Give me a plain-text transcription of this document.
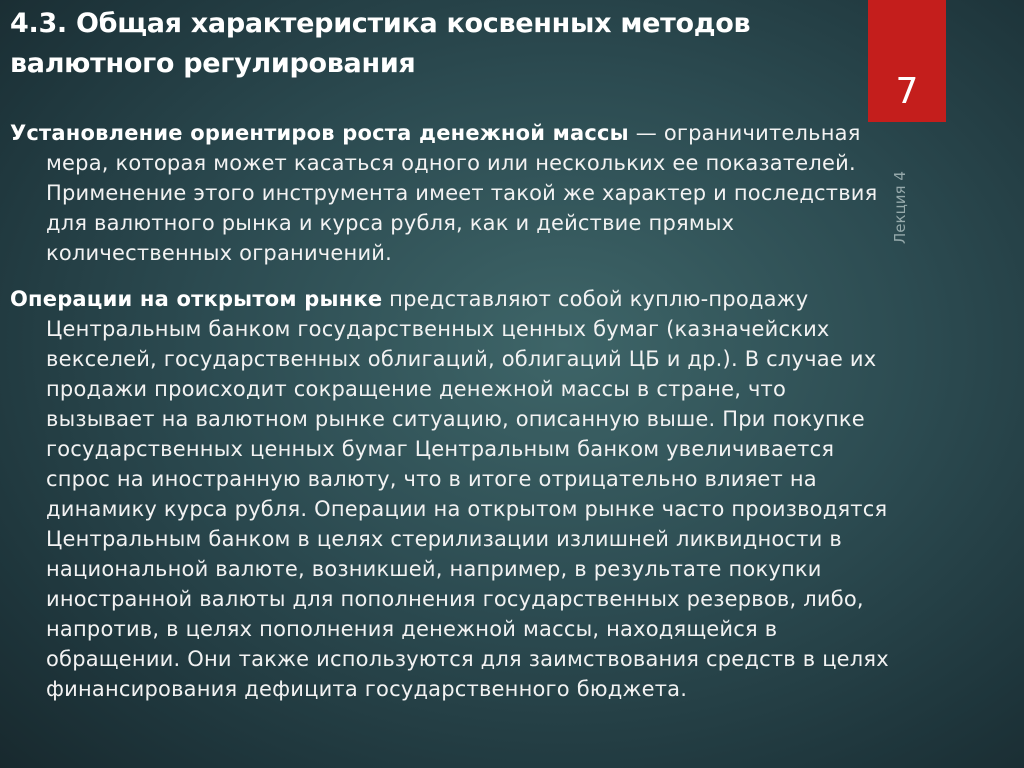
4.3. Общая характеристика косвенных методов
валютного регулирования
7
Лекция 4

Установление ориентиров роста денежной массы — ограничительная
мера, которая может касаться одного или нескольких ее показателей.
Применение этого инструмента имеет такой же характер и последствия
для валютного рынка и курса рубля, как и действие прямых
количественных ограничений.

Операции на открытом рынке представляют собой куплю-продажу
Центральным банком государственных ценных бумаг (казначейских
векселей, государственных облигаций, облигаций ЦБ и др.). В случае их
продажи происходит сокращение денежной массы в стране, что
вызывает на валютном рынке ситуацию, описанную выше. При покупке
государственных ценных бумаг Центральным банком увеличивается
спрос на иностранную валюту, что в итоге отрицательно влияет на
динамику курса рубля. Операции на открытом рынке часто производятся
Центральным банком в целях стерилизации излишней ликвидности в
национальной валюте, возникшей, например, в результате покупки
иностранной валюты для пополнения государственных резервов, либо,
напротив, в целях пополнения денежной массы, находящейся в
обращении. Они также используются для заимствования средств в целях
финансирования дефицита государственного бюджета.
